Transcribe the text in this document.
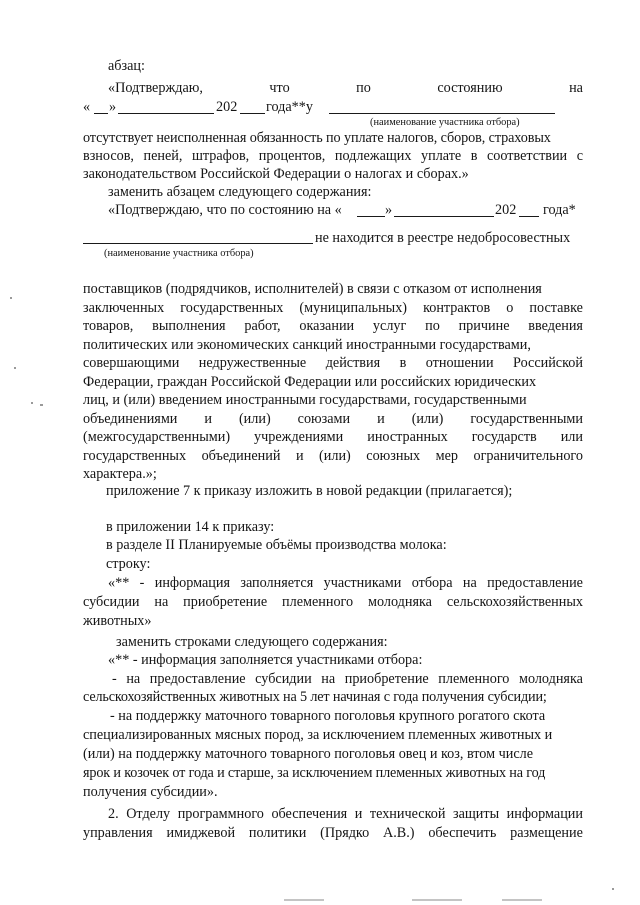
абзац:
«Подтверждаю,	что	по	состоянию	на
«	»	202	года**у
(наименование участника отбора)
отсутствует неисполненная обязанность по уплате налогов, сборов, страховых
взносов, пеней, штрафов, процентов, подлежащих уплате в соответствии с
законодательством Российской Федерации о налогах и сборах.»
заменить абзацем следующего содержания:
«Подтверждаю, что по состоянию на «	»	202	года*
не находится в реестре недобросовестных
(наименование участника отбора)
поставщиков (подрядчиков, исполнителей) в связи с отказом от исполнения
заключенных государственных (муниципальных) контрактов о поставке
товаров, выполнения работ, оказании услуг по причине введения
политических или экономических санкций иностранными государствами,
совершающими недружественные действия в отношении Российской
Федерации, граждан Российской Федерации или российских юридических
лиц, и (или) введением иностранными государствами, государственными
объединениями и (или) союзами и (или) государственными
(межгосударственными) учреждениями иностранных государств или
государственных объединений и (или) союзных мер ограничительного
характера.»;
приложение 7 к приказу изложить в новой редакции (прилагается);
в приложении 14 к приказу:
в разделе II Планируемые объёмы производства молока:
строку:
«** - информация заполняется участниками отбора на предоставление
субсидии на приобретение племенного молодняка сельскохозяйственных
животных»
заменить строками следующего содержания:
«** - информация заполняется участниками отбора:
- на предоставление субсидии на приобретение племенного молодняка
сельскохозяйственных животных на 5 лет начиная с года получения субсидии;
- на поддержку маточного товарного поголовья крупного рогатого скота
специализированных мясных пород, за исключением племенных животных и
(или) на поддержку маточного товарного поголовья овец и коз, втом числе
ярок и козочек от года и старше, за исключением племенных животных на год
получения субсидии».
2. Отделу программного обеспечения и технической защиты информации
управления имиджевой политики (Прядко А.В.) обеспечить размещение
